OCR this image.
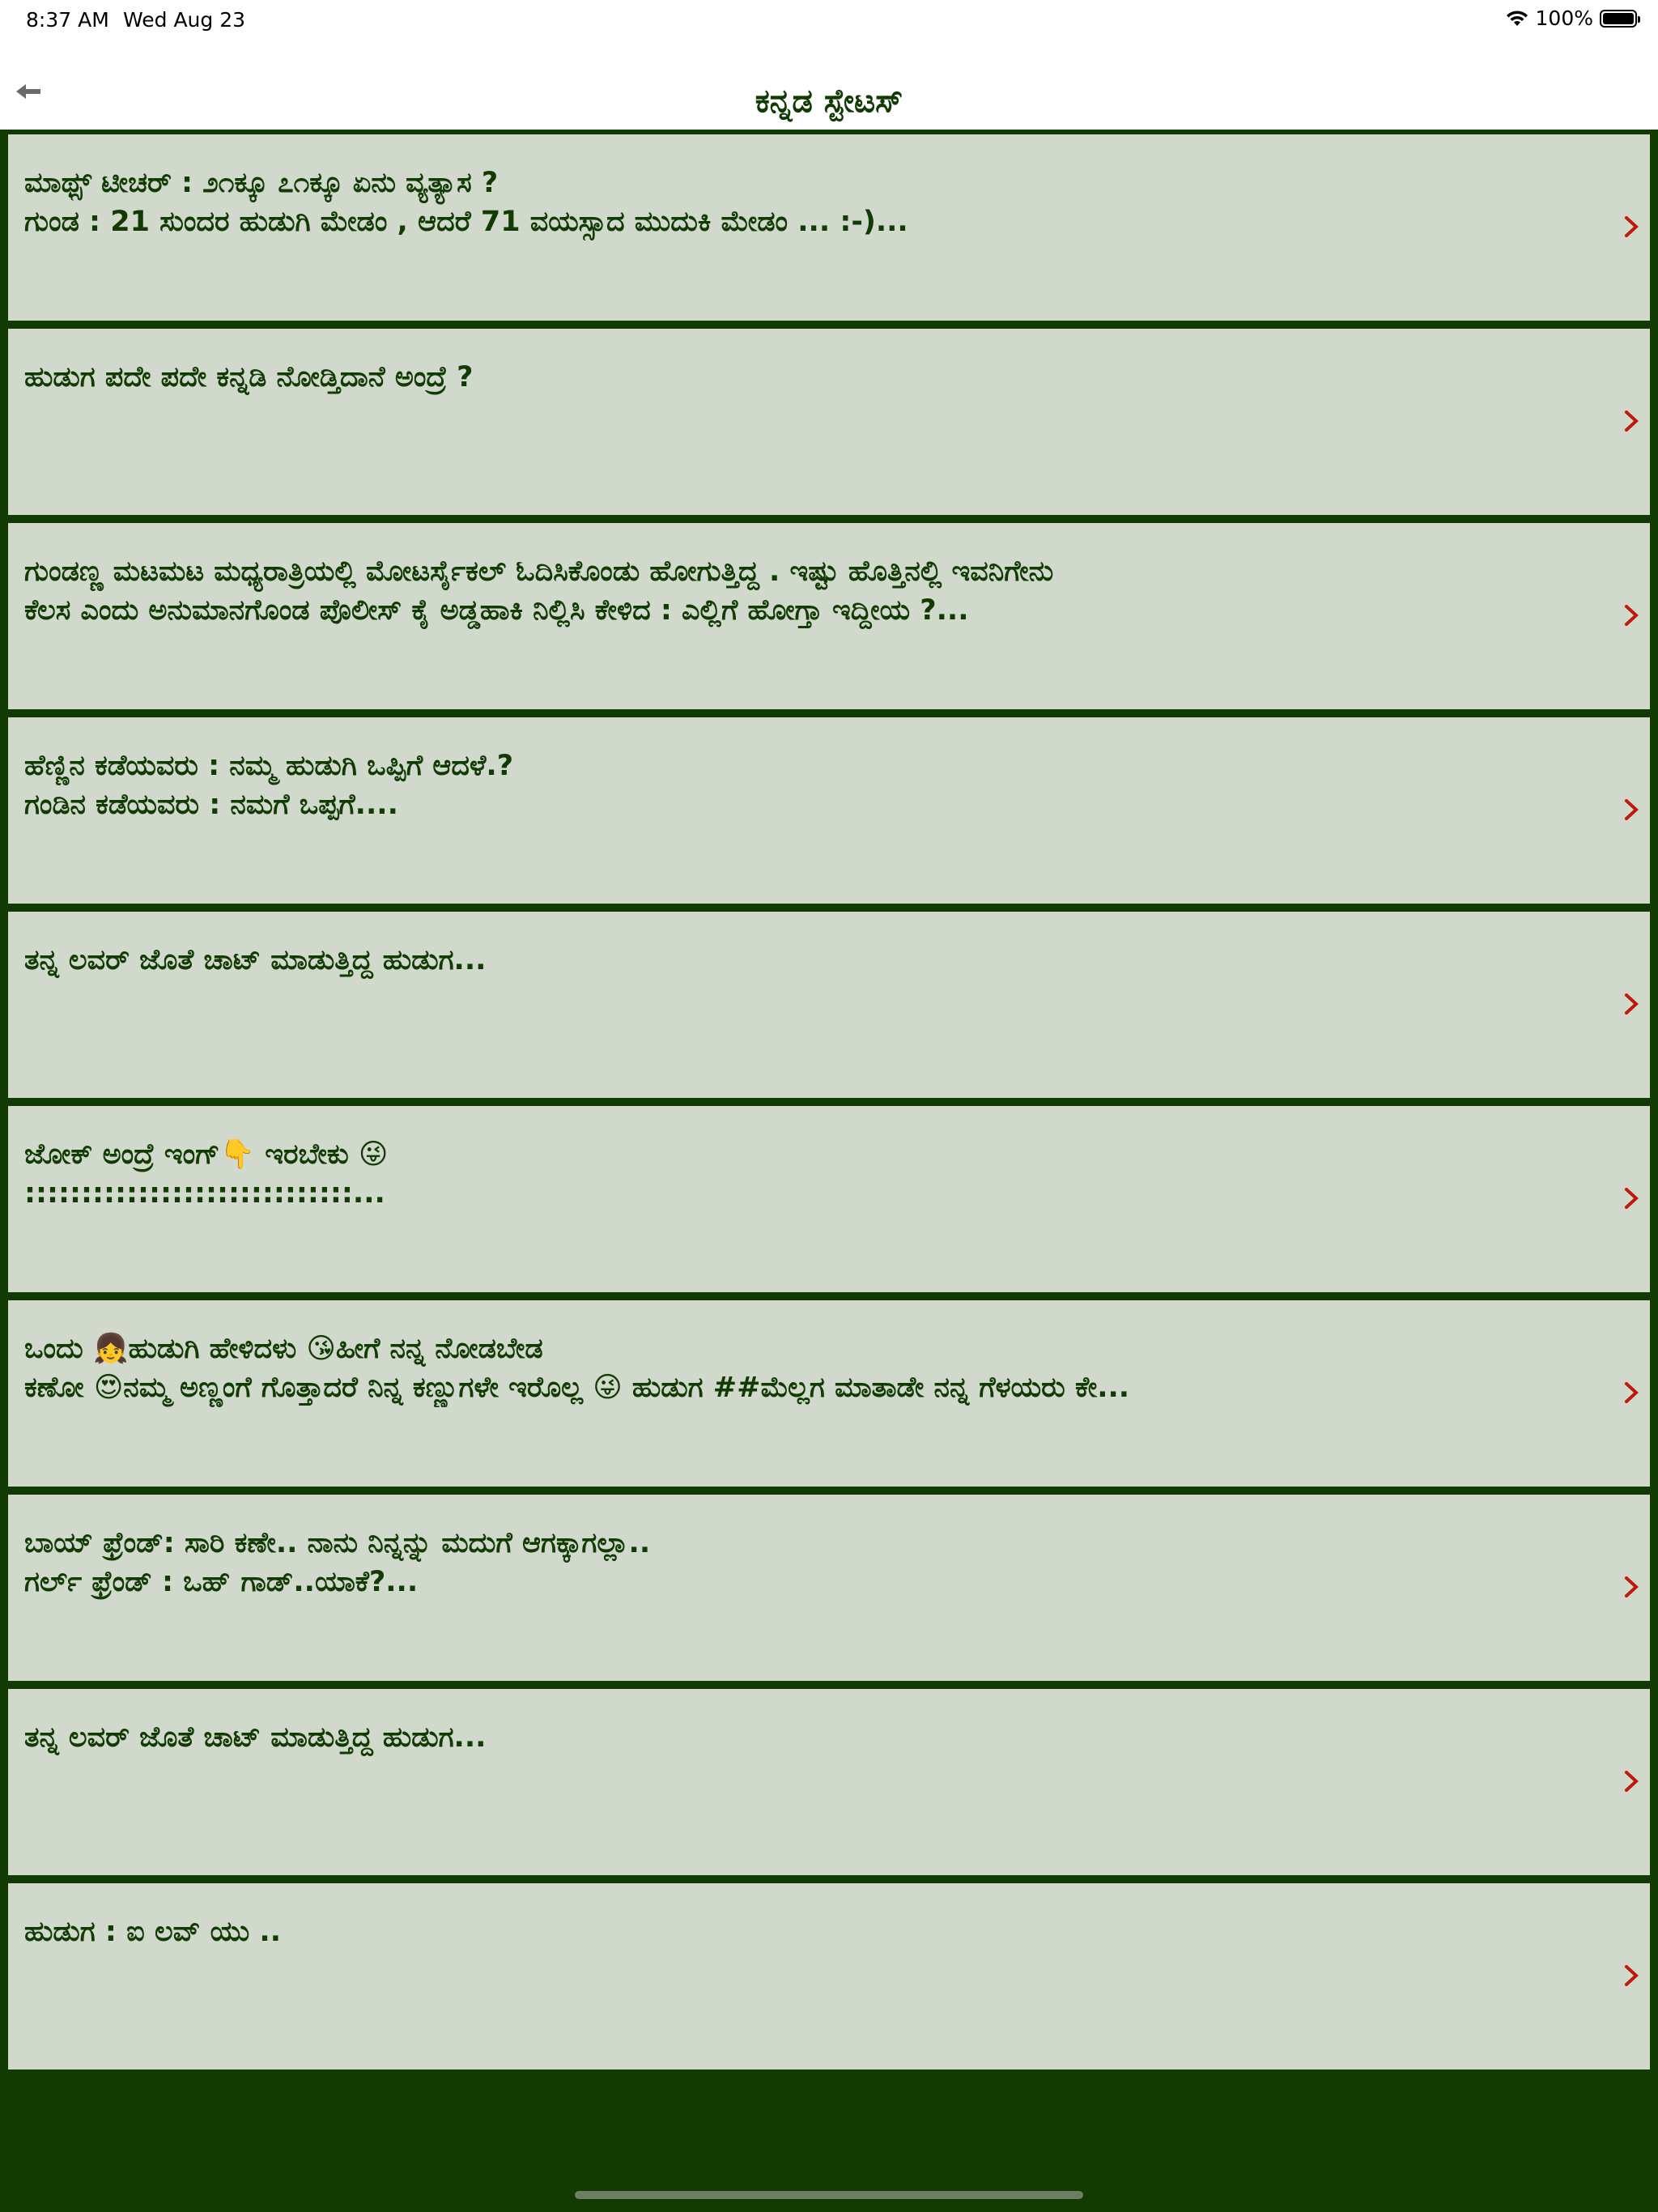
8:37 AM Wed Aug 23	100%
ಕನ್ನಡ ಸ್ಟೇಟಸ್
ಮಾಥ್ಸ್ ಟೀಚರ್ : ೨೧ಕ್ಕೂ ೭೧ಕ್ಕೂ ಏನು ವ್ಯತ್ಯಾಸ ?
ಗುಂಡ : 21 ಸುಂದರ ಹುಡುಗಿ ಮೇಡಂ , ಆದರೆ 71 ವಯಸ್ಸಾದ ಮುದುಕಿ ಮೇಡಂ ... :-)...
ಹುಡುಗ ಪದೇ ಪದೇ ಕನ್ನಡಿ ನೋಡ್ತಿದಾನೆ ಅಂದ್ರೆ ?
ಗುಂಡಣ್ಣ ಮಟಮಟ ಮಧ್ಯರಾತ್ರಿಯಲ್ಲಿ ಮೋಟರ್ಸೈಕಲ್ ಓದಿಸಿಕೊಂಡು ಹೋಗುತ್ತಿದ್ದ . ಇಷ್ಟು ಹೊತ್ತಿನಲ್ಲಿ ಇವನಿಗೇನು
ಕೆಲಸ ಎಂದು ಅನುಮಾನಗೊಂಡ ಪೊಲೀಸ್ ಕೈ ಅಡ್ಡಹಾಕಿ ನಿಲ್ಲಿಸಿ ಕೇಳಿದ : ಎಲ್ಲಿಗೆ ಹೋಗ್ತಾ ಇದ್ದೀಯ ?...
ಹೆಣ್ಣಿನ ಕಡೆಯವರು : ನಮ್ಮ ಹುಡುಗಿ ಒಪ್ಪಿಗೆ ಆದಳೆ.?
ಗಂಡಿನ ಕಡೆಯವರು : ನಮಗೆ ಒಪ್ಪಗೆ....
ತನ್ನ ಲವರ್ ಜೊತೆ ಚಾಟ್ ಮಾಡುತ್ತಿದ್ದ ಹುಡುಗ...
ಜೋಕ್ ಅಂದ್ರೆ ಇಂಗ್👇 ಇರಬೇಕು 😜
:::::::::::::::::::::::::::::...
ಒಂದು 👧ಹುಡುಗಿ ಹೇಳಿದಳು 😘ಹೀಗೆ ನನ್ನ ನೋಡಬೇಡ
ಕಣೋ 😍ನಮ್ಮ ಅಣ್ಣಂಗೆ ಗೊತ್ತಾದರೆ ನಿನ್ನ ಕಣ್ಣುಗಳೇ ಇರೊಲ್ಲ 😜 ಹುಡುಗ ##ಮೆಲ್ಲಗ ಮಾತಾಡೇ ನನ್ನ ಗೆಳಯರು ಕೇ...
ಬಾಯ್ ಫ್ರೆಂಡ್: ಸಾರಿ ಕಣೇ.. ನಾನು ನಿನ್ನನ್ನು ಮದುಗೆ ಆಗಕ್ಕಾಗಲ್ಲಾ..
ಗರ್ಲ್ ಫ್ರೆಂಡ್ : ಒಹ್ ಗಾಡ್..ಯಾಕೆ?...
ತನ್ನ ಲವರ್ ಜೊತೆ ಚಾಟ್ ಮಾಡುತ್ತಿದ್ದ ಹುಡುಗ...
ಹುಡುಗ : ಐ ಲವ್ ಯು ..
